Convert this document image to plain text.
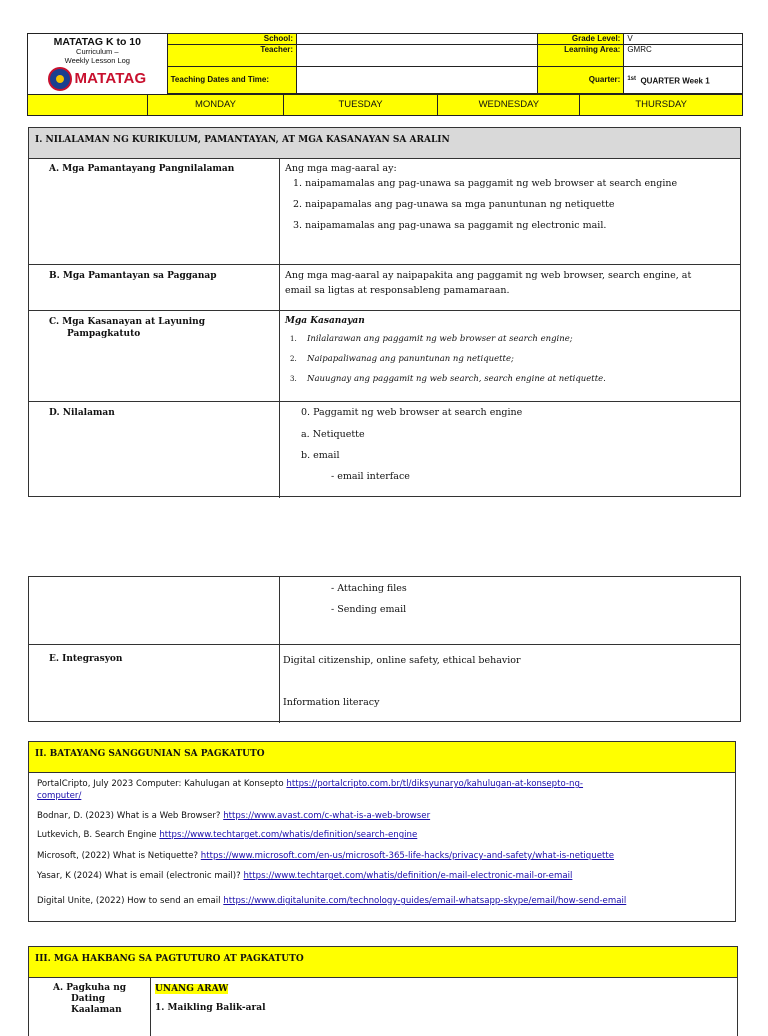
MATATAG K to 10
Curriculum –
Weekly Lesson Log
MATATAG	School:		Grade Level:	V
	Teacher:		Learning Area:	GMRC
	Teaching Dates and Time:		Quarter:	$^{1st}$ QUARTER Week 1
	MONDAY	TUESDAY	WEDNESDAY	THURSDAY
I. NILALAMAN NG KURIKULUM, PAMANTAYAN, AT MGA KASANAYAN SA ARALIN
A. Mga Pamantayang Pangnilalaman	Ang mga mag-aaral ay:
1. naipamamalas ang pag-unawa sa paggamit ng web browser at search engine
2. naipapamalas ang pag-unawa sa mga panuntunan ng netiquette
3. naipamamalas ang pag-unawa sa paggamit ng electronic mail.
B. Mga Pamantayan sa Pagganap	Ang mga mag-aaral ay naipapakita ang paggamit ng web browser, search engine, at
email sa ligtas at responsableng pamamaraan.
C. Mga Kasanayan at Layuning
Pampagkatuto
Mga Kasanayan
1. Inilalarawan ang paggamit ng web browser at search engine;
2. Naipapaliwanag ang panuntunan ng netiquette;
3. Nauugnay ang paggamit ng web search, search engine at netiquette.
D. Nilalaman	0. Paggamit ng web browser at search engine
a. Netiquette
b. email
- email interface
- Attaching files
- Sending email
E. Integrasyon	Digital citizenship, online safety, ethical behavior
Information literacy
II. BATAYANG SANGGUNIAN SA PAGKATUTO
PortalCripto, July 2023 Computer: Kahulugan at Konsepto https://portalcripto.com.br/tl/diksyunaryo/kahulugan-at-konsepto-ng-
computer/
Bodnar, D. (2023) What is a Web Browser? https://www.avast.com/c-what-is-a-web-browser
Lutkevich, B. Search Engine https://www.techtarget.com/whatis/definition/search-engine
Microsoft, (2022) What is Netiquette? https://www.microsoft.com/en-us/microsoft-365-life-hacks/privacy-and-safety/what-is-netiquette
Yasar, K (2024) What is email (electronic mail)? https://www.techtarget.com/whatis/definition/e-mail-electronic-mail-or-email
Digital Unite, (2022) How to send an email https://www.digitalunite.com/technology-guides/email-whatsapp-skype/email/how-send-email
III. MGA HAKBANG SA PAGTUTURO AT PAGKATUTO
A. Pagkuha ng
Dating
Kaalaman
UNANG ARAW
1. Maikling Balik-aral
